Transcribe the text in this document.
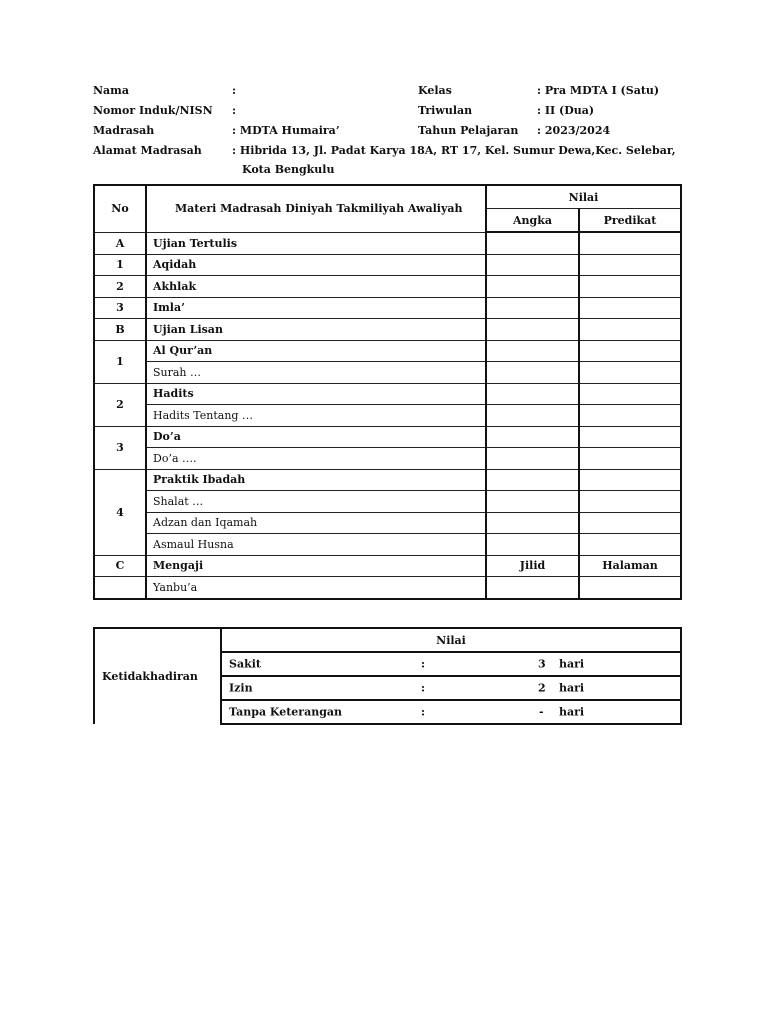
Nama	:
Nomor Induk/NISN :
Madrasah	: MDTA Humaira’
Alamat Madrasah	: Hibrida 13, Jl. Padat Karya 18A, RT 17, Kel. Sumur Dewa,Kec. Selebar,
Kota Bengkulu
Kelas	: Pra MDTA I (Satu)
Triwulan	: II (Dua)
Tahun Pelajaran : 2023/2024
No	Materi Madrasah Diniyah Takmiliyah Awaliyah	Nilai	
		Angka	Predikat
A	Ujian Tertulis		
1	Aqidah		
2	Akhlak		
3	Imla’		
B	Ujian Lisan		
1	Al Qur’an		
	Surah …		
2	Hadits		
	Hadits Tentang …		
3	Do’a		
	Do’a ….		
4	Praktik Ibadah		
	Shalat …		
	Adzan dan Iqamah		
	Asmaul Husna		
C	Mengaji	Jilid	Halaman
	Yanbu’a		
Ketidakhadiran	Nilai

Sakit	:	3 hari

Izin	:	2 hari

Tanpa Keterangan	:	- hari
